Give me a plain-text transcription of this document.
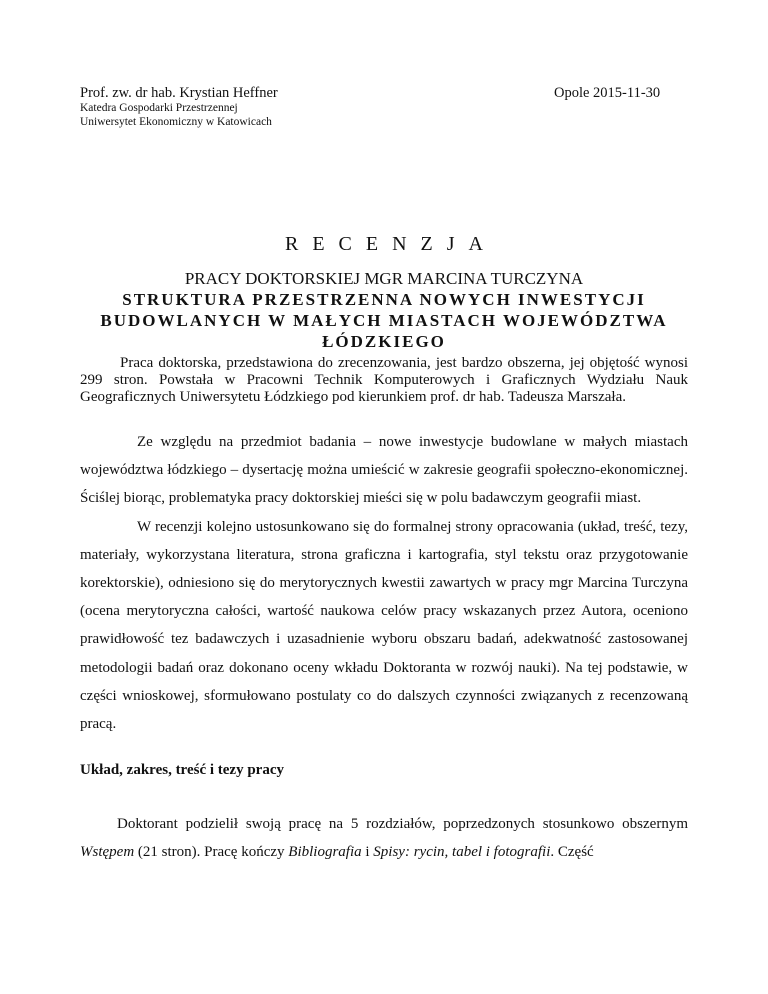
Prof. zw. dr hab. Krystian Heffner	Opole 2015-11-30
Katedra Gospodarki Przestrzennej
Uniwersytet Ekonomiczny w Katowicach
RECENZJA
PRACY DOKTORSKIEJ MGR MARCINA TURCZYNA
STRUKTURA PRZESTRZENNA NOWYCH INWESTYCJI BUDOWLANYCH W MAŁYCH MIASTACH WOJEWÓDZTWA ŁÓDZKIEGO

Praca doktorska, przedstawiona do zrecenzowania, jest bardzo obszerna, jej objętość wynosi 299 stron. Powstała w Pracowni Technik Komputerowych i Graficznych Wydziału Nauk Geograficznych Uniwersytetu Łódzkiego pod kierunkiem prof. dr hab. Tadeusza Marszała.

Ze względu na przedmiot badania – nowe inwestycje budowlane w małych miastach województwa łódzkiego – dysertację można umieścić w zakresie geografii społeczno-ekonomicznej. Ściślej biorąc, problematyka pracy doktorskiej mieści się w polu badawczym geografii miast.

W recenzji kolejno ustosunkowano się do formalnej strony opracowania (układ, treść, tezy, materiały, wykorzystana literatura, strona graficzna i kartografia, styl tekstu oraz przygotowanie korektorskie), odniesiono się do merytorycznych kwestii zawartych w pracy mgr Marcina Turczyna (ocena merytoryczna całości, wartość naukowa celów pracy wskazanych przez Autora, oceniono prawidłowość tez badawczych i uzasadnienie wyboru obszaru badań, adekwatność zastosowanej metodologii badań oraz dokonano oceny wkładu Doktoranta w rozwój nauki). Na tej podstawie, w części wnioskowej, sformułowano postulaty co do dalszych czynności związanych z recenzowaną pracą.

Układ, zakres, treść i tezy pracy

Doktorant podzielił swoją pracę na 5 rozdziałów, poprzedzonych stosunkowo obszernym Wstępem (21 stron). Pracę kończy Bibliografia i Spisy: rycin, tabel i fotografii. Część
